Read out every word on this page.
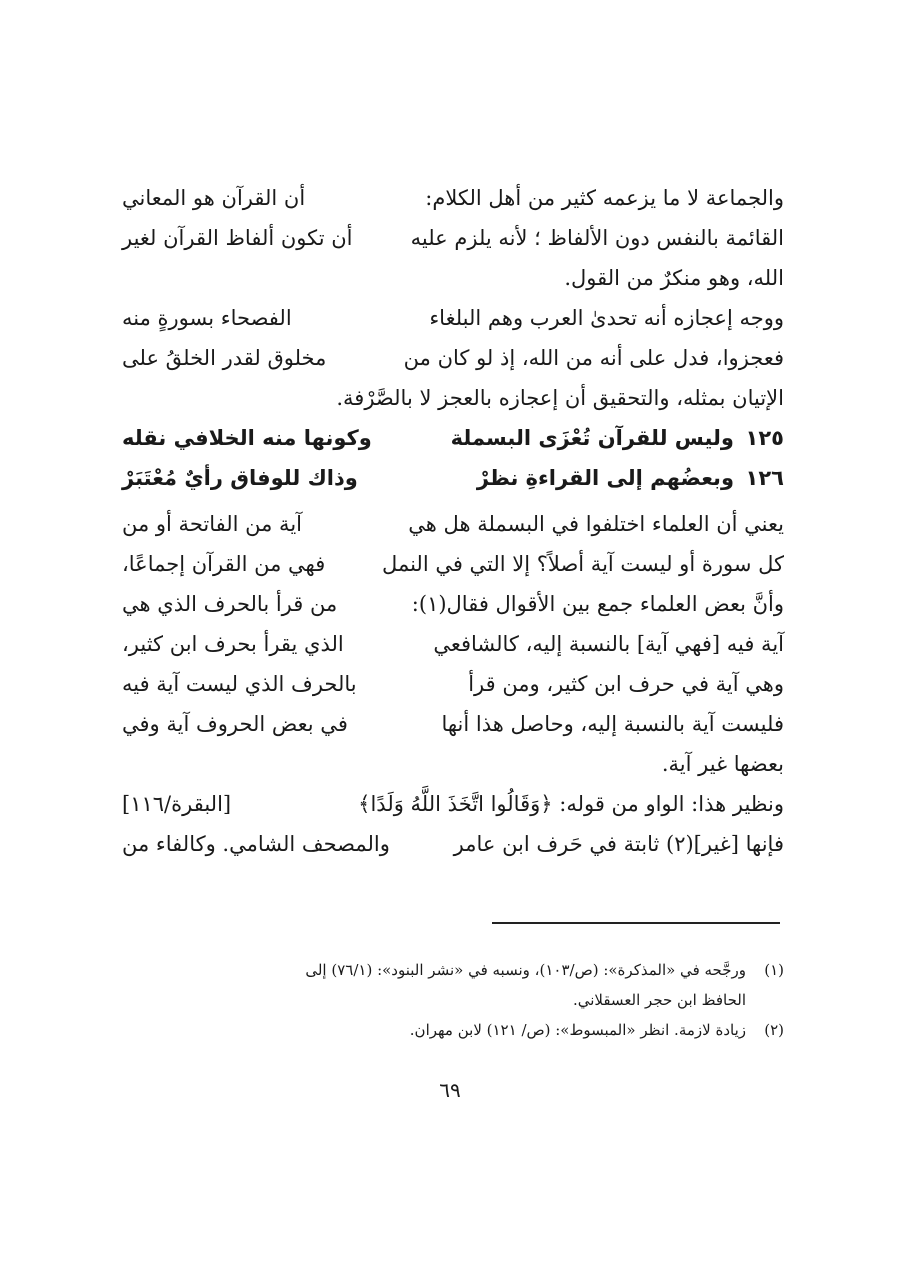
والجماعة لا ما يزعمه كثير من أهل الكلام:
أن القرآن هو المعاني
القائمة بالنفس دون الألفاظ ؛ لأنه يلزم عليه
أن تكون ألفاظ القرآن لغير
الله، وهو منكرٌ من القول.
ووجه إعجازه أنه تحدىٰ العرب وهم البلغاء
الفصحاء بسورةٍ منه
فعجزوا، فدل على أنه من الله، إذ لو كان من
مخلوق لقدر الخلقُ على
الإتيان بمثله، والتحقيق أن إعجازه بالعجز لا بالصَّرْفة.
١٢٥
وليس للقرآن تُعْزَى البسملة
وكونها منه الخلافي نقله
١٢٦
وبعضُهم إلى القراءةِ نظرْ
وذاك للوفاق رأيٌ مُعْتَبَرْ
يعني أن العلماء اختلفوا في البسملة هل هي
آية من الفاتحة أو من
كل سورة أو ليست آية أصلاً؟ إلا التي في النمل
فهي من القرآن إجماعًا،
وأنَّ بعض العلماء جمع بين الأقوال فقال(١):
من قرأ بالحرف الذي هي
آية فيه [فهي آية] بالنسبة إليه، كالشافعي
الذي يقرأ بحرف ابن كثير،
وهي آية في حرف ابن كثير، ومن قرأ
بالحرف الذي ليست آية فيه
فليست آية بالنسبة إليه، وحاصل هذا أنها
في بعض الحروف آية وفي
بعضها غير آية.
ونظير هذا: الواو من قوله: ﴿وَقَالُوا اتَّخَذَ اللَّهُ وَلَدًا﴾
[البقرة/١١٦]
فإنها [غير](٢) ثابتة في حَرف ابن عامر
والمصحف الشامي. وكالفاء من
(١)
ورجَّحه في «المذكرة»: (ص/١٠٣)، ونسبه في «نشر البنود»: (٧٦/١) إلى
الحافظ ابن حجر العسقلاني.
(٢)
زيادة لازمة. انظر «المبسوط»: (ص/ ١٢١) لابن مهران.
٦٩
